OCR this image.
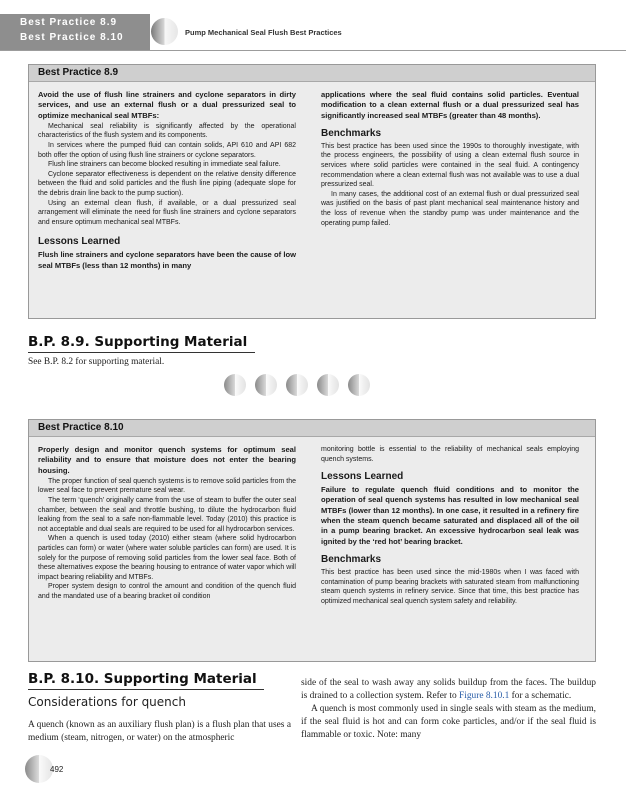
Best Practice 8.9
Best Practice 8.10	Pump Mechanical Seal Flush Best Practices
Best Practice 8.9

Avoid the use of flush line strainers and cyclone separators in dirty services, and use an external flush or a dual pressurized seal to optimize mechanical seal MTBFs:

Mechanical seal reliability is significantly affected by the operational characteristics of the flush system and its components.

In services where the pumped fluid can contain solids, API 610 and API 682 both offer the option of using flush line strainers or cyclone separators.

Flush line strainers can become blocked resulting in immediate seal failure.

Cyclone separator effectiveness is dependent on the relative density difference between the fluid and solid particles and the flush line piping (adequate slope for the debris drain line back to the pump suction).

Using an external clean flush, if available, or a dual pressurized seal arrangement will eliminate the need for flush line strainers and cyclone separators and ensure optimum mechanical seal MTBFs.

Lessons Learned

Flush line strainers and cyclone separators have been the cause of low seal MTBFs (less than 12 months) in many

applications where the seal fluid contains solid particles. Eventual modification to a clean external flush or a dual pressurized seal has significantly increased seal MTBFs (greater than 48 months).

Benchmarks

This best practice has been used since the 1990s to thoroughly investigate, with the process engineers, the possibility of using a clean external flush source in services where solid particles were contained in the seal fluid. A contingency recommendation where a clean external flush was not available was to use a dual pressurized seal.

In many cases, the additional cost of an external flush or dual pressurized seal was justified on the basis of past plant mechanical seal maintenance history and the loss of revenue when the standby pump was under maintenance and the operating pump failed.

B.P. 8.9. Supporting Material
See B.P. 8.2 for supporting material.
Best Practice 8.10

Properly design and monitor quench systems for optimum seal reliability and to ensure that moisture does not enter the bearing housing.

The proper function of seal quench systems is to remove solid particles from the lower seal face to prevent premature seal wear.

The term ‘quench’ originally came from the use of steam to buffer the outer seal chamber, between the seal and throttle bushing, to dilute the hydrocarbon fluid leaking from the seal to a safe non-flammable level. Today (2010) this practice is not acceptable and dual seals are required to be used for all hydrocarbon services.

When a quench is used today (2010) either steam (where solid hydrocarbon particles can form) or water (where water soluble particles can form) are used. It is solely for the purpose of removing solid particles from the lower seal face. Both of these alternatives expose the bearing housing to entrance of water vapor which will impact bearing reliability and MTBFs.

Proper system design to control the amount and condition of the quench fluid and the mandated use of a bearing bracket oil condition

monitoring bottle is essential to the reliability of mechanical seals employing quench systems.

Lessons Learned

Failure to regulate quench fluid conditions and to monitor the operation of seal quench systems has resulted in low mechanical seal MTBFs (lower than 12 months). In one case, it resulted in a refinery fire when the steam quench became saturated and displaced all of the oil in a pump bearing bracket. An excessive hydrocarbon seal leak was ignited by the ‘red hot’ bearing bracket.

Benchmarks

This best practice has been used since the mid-1980s when I was faced with contamination of pump bearing brackets with saturated steam from malfunctioning steam quench systems in refinery service. Since that time, this best practice has optimized mechanical seal quench system safety and reliability.

B.P. 8.10. Supporting Material
Considerations for quench

A quench (known as an auxiliary flush plan) is a flush plan that uses a medium (steam, nitrogen, or water) on the atmospheric

side of the seal to wash away any solids buildup from the faces. The buildup is drained to a collection system. Refer to Figure 8.10.1 for a schematic.

A quench is most commonly used in single seals with steam as the medium, if the seal fluid is hot and can form coke particles, and/or if the seal fluid is flammable or toxic. Note: many

492
